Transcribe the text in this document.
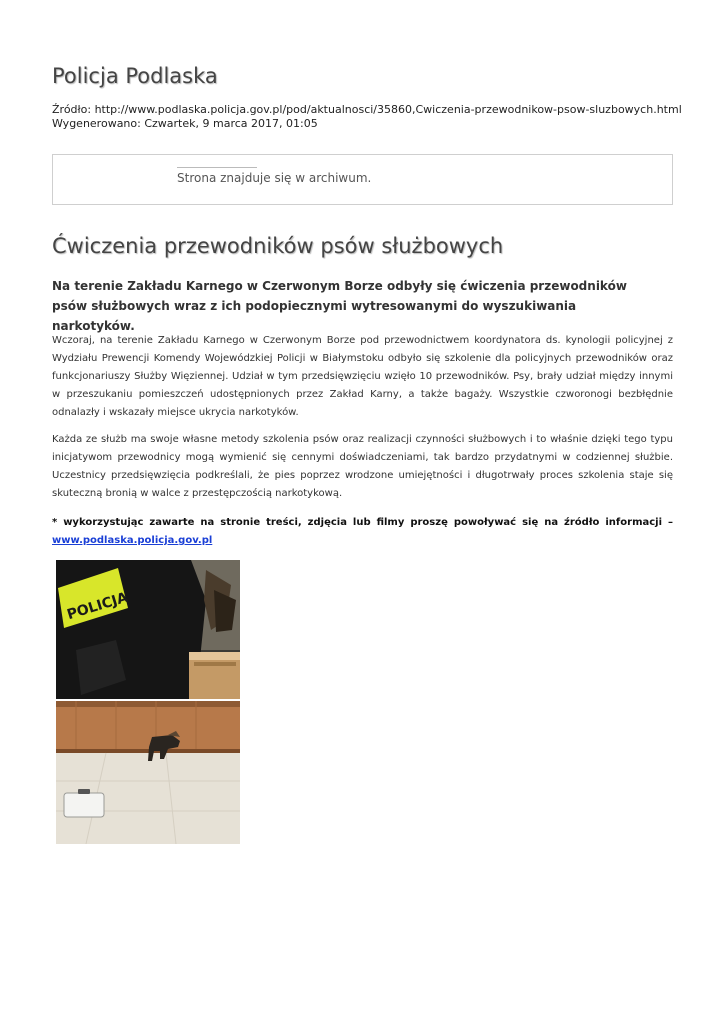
Policja Podlaska
Źródło: http://www.podlaska.policja.gov.pl/pod/aktualnosci/35860,Cwiczenia-przewodnikow-psow-sluzbowych.html
Wygenerowano: Czwartek, 9 marca 2017, 01:05
Strona znajduje się w archiwum.
Ćwiczenia przewodników psów służbowych

Na terenie Zakładu Karnego w Czerwonym Borze odbyły się ćwiczenia przewodników psów służbowych wraz z ich podopiecznymi wytresowanymi do wyszukiwania narkotyków.

Wczoraj, na terenie Zakładu Karnego w Czerwonym Borze pod przewodnictwem koordynatora ds. kynologii policyjnej z Wydziału Prewencji Komendy Wojewódzkiej Policji w Białymstoku odbyło się szkolenie dla policyjnych przewodników oraz funkcjonariuszy Służby Więziennej. Udział w tym przedsięwzięciu wzięło 10 przewodników. Psy, brały udział między innymi w przeszukaniu pomieszczeń udostępnionych przez Zakład Karny, a także bagaży. Wszystkie czworonogi bezbłędnie odnalazły i wskazały miejsce ukrycia narkotyków.

Każda ze służb ma swoje własne metody szkolenia psów oraz realizacji czynności służbowych i to właśnie dzięki tego typu inicjatywom przewodnicy mogą wymienić się cennymi doświadczeniami, tak bardzo przydatnymi w codziennej służbie. Uczestnicy przedsięwzięcia podkreślali, że pies poprzez wrodzone umiejętności i długotrwały proces szkolenia staje się skuteczną bronią w walce z przestępczością narkotykową.

* wykorzystując zawarte na stronie treści, zdjęcia lub filmy proszę powoływać się na źródło informacji – www.podlaska.policja.gov.pl

POLICJA
